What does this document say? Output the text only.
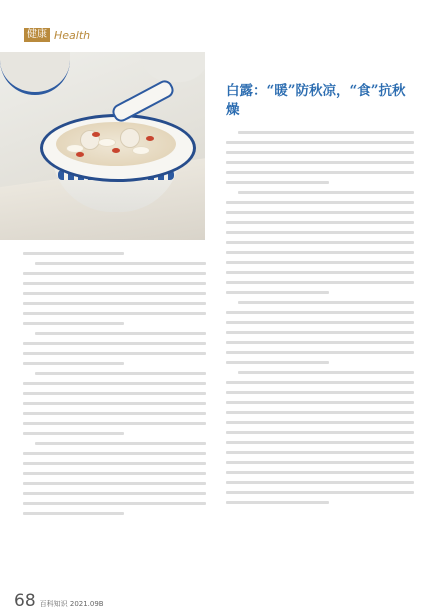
健康 Health
白露：“暖”防秋凉，“食”抗秋燥
68 百科知识 2021.09B
